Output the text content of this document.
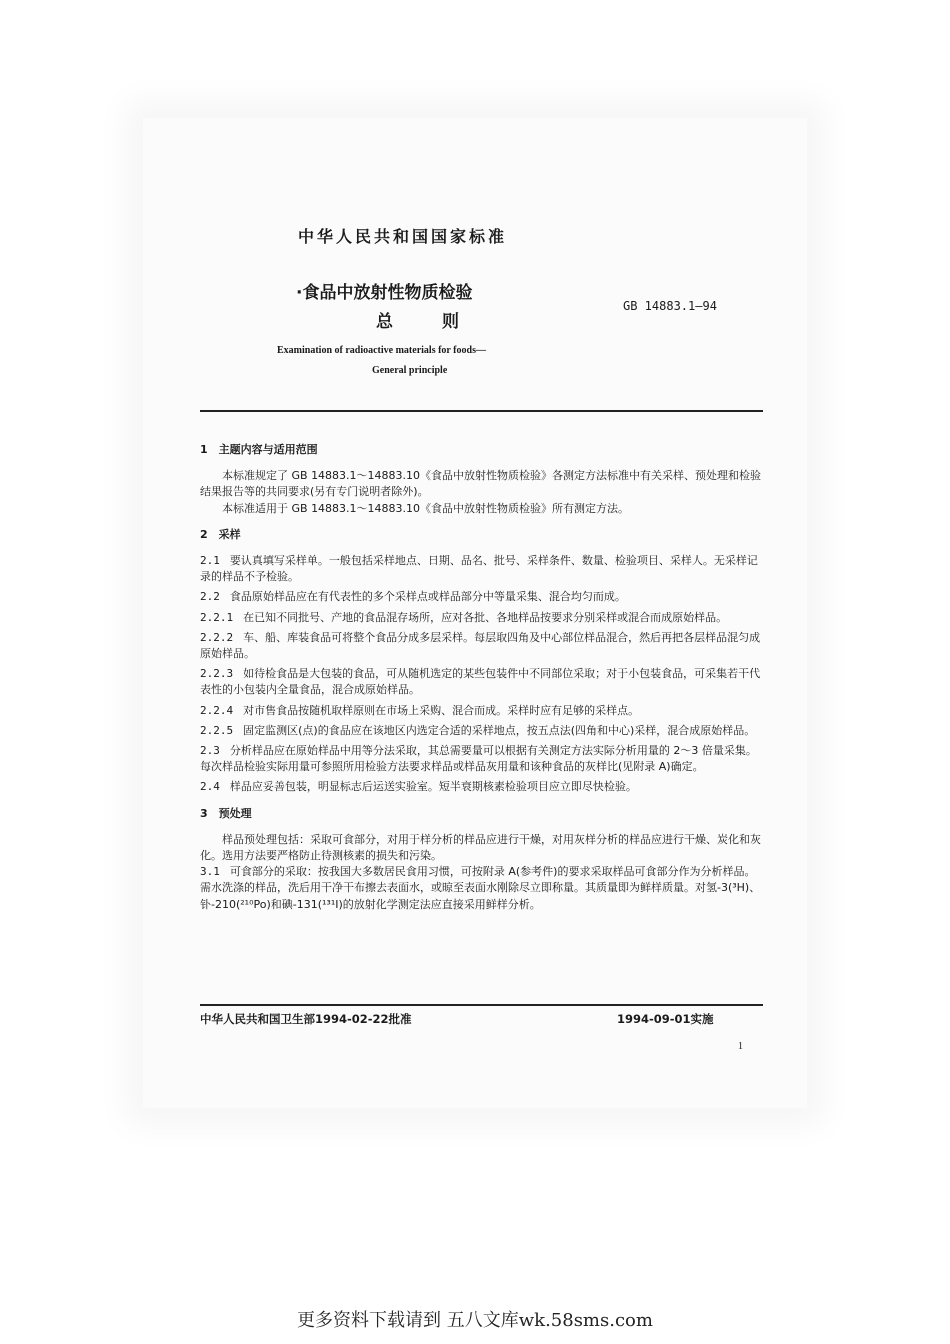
中华人民共和国国家标准
·食品中放射性物质检验
总　则
GB 14883.1—94
Examination of radioactive materials for foods—
General principle

1　主题内容与适用范围

本标准规定了 GB 14883.1～14883.10《食品中放射性物质检验》各测定方法标准中有关采样、预处理和检验结果报告等的共同要求(另有专门说明者除外)。

本标准适用于 GB 14883.1～14883.10《食品中放射性物质检验》所有测定方法。

2　采样

2.1 要认真填写采样单。一般包括采样地点、日期、品名、批号、采样条件、数量、检验项目、采样人。无采样记录的样品不予检验。

2.2 食品原始样品应在有代表性的多个采样点或样品部分中等量采集、混合均匀而成。

2.2.1 在已知不同批号、产地的食品混存场所，应对各批、各地样品按要求分别采样或混合而成原始样品。

2.2.2 车、船、库装食品可将整个食品分成多层采样。每层取四角及中心部位样品混合，然后再把各层样品混匀成原始样品。

2.2.3 如待检食品是大包装的食品，可从随机选定的某些包装件中不同部位采取；对于小包装食品，可采集若干代表性的小包装内全量食品，混合成原始样品。

2.2.4 对市售食品按随机取样原则在市场上采购、混合而成。采样时应有足够的采样点。

2.2.5 固定监测区(点)的食品应在该地区内选定合适的采样地点，按五点法(四角和中心)采样，混合成原始样品。

2.3 分析样品应在原始样品中用等分法采取，其总需要量可以根据有关测定方法实际分析用量的 2～3 倍量采集。每次样品检验实际用量可参照所用检验方法要求样品或样品灰用量和该种食品的灰样比(见附录 A)确定。

2.4 样品应妥善包装，明显标志后运送实验室。短半衰期核素检验项目应立即尽快检验。

3　预处理

样品预处理包括：采取可食部分，对用于样分析的样品应进行干燥，对用灰样分析的样品应进行干燥、炭化和灰化。选用方法要严格防止待测核素的损失和污染。

3.1 可食部分的采取：按我国大多数居民食用习惯，可按附录 A(参考件)的要求采取样品可食部分作为分析样品。需水洗涤的样品，洗后用干净干布擦去表面水，或晾至表面水刚除尽立即称量。其质量即为鲜样质量。对氢-3(³H)、钋-210(²¹⁰Po)和碘-131(¹³¹I)的放射化学测定法应直接采用鲜样分析。

中华人民共和国卫生部1994-02-22批准	1994-09-01实施
1
更多资料下载请到 五八文库wk.58sms.com
